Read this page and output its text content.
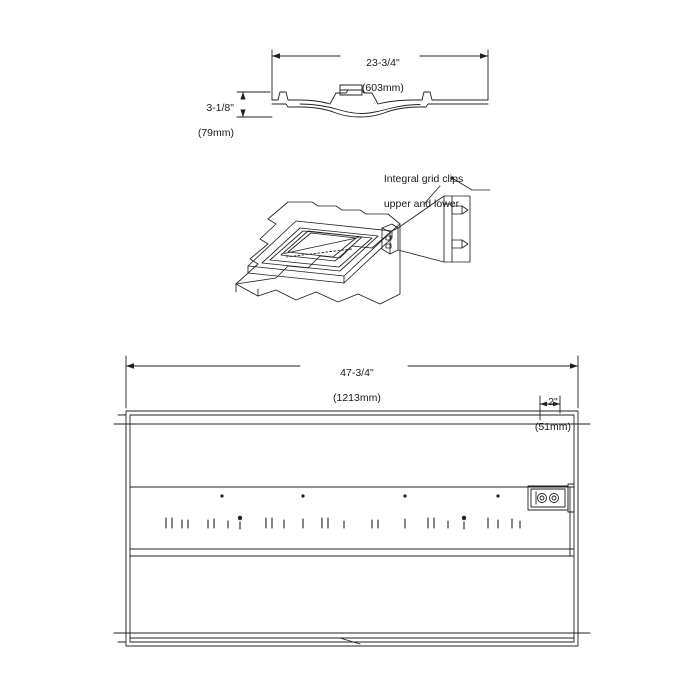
23-3/4"

(603mm)

3-1/8"

(79mm)

Integral grid clips

upper and lower

47-3/4"

(1213mm)	2"

(51mm)
